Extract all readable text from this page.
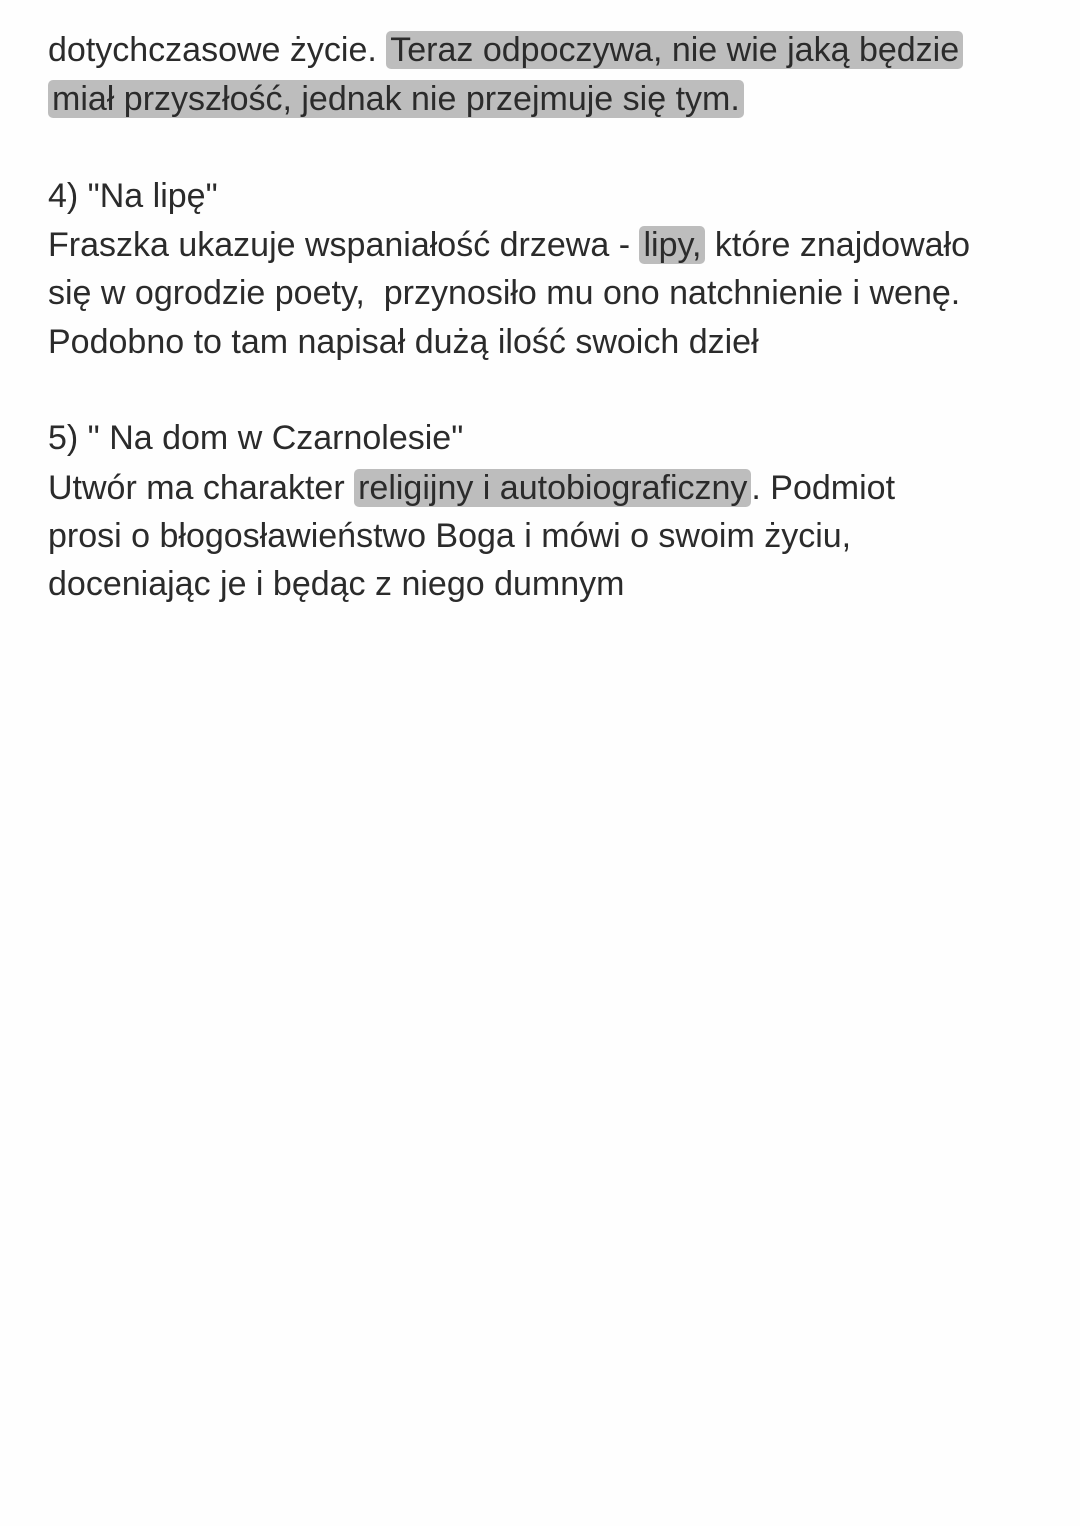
dotychczasowe życie. Teraz odpoczywa, nie wie jaką będzie
miał przyszłość, jednak nie przejmuje się tym.
4) "Na lipę"
Fraszka ukazuje wspaniałość drzewa - lipy, które znajdowało
się w ogrodzie poety,  przynosiło mu ono natchnienie i wenę.
Podobno to tam napisał dużą ilość swoich dzieł
5) " Na dom w Czarnolesie"
Utwór ma charakter religijny i autobiograficzny . Podmiot
prosi o błogosławieństwo Boga i mówi o swoim życiu,
doceniając je i będąc z niego dumnym
